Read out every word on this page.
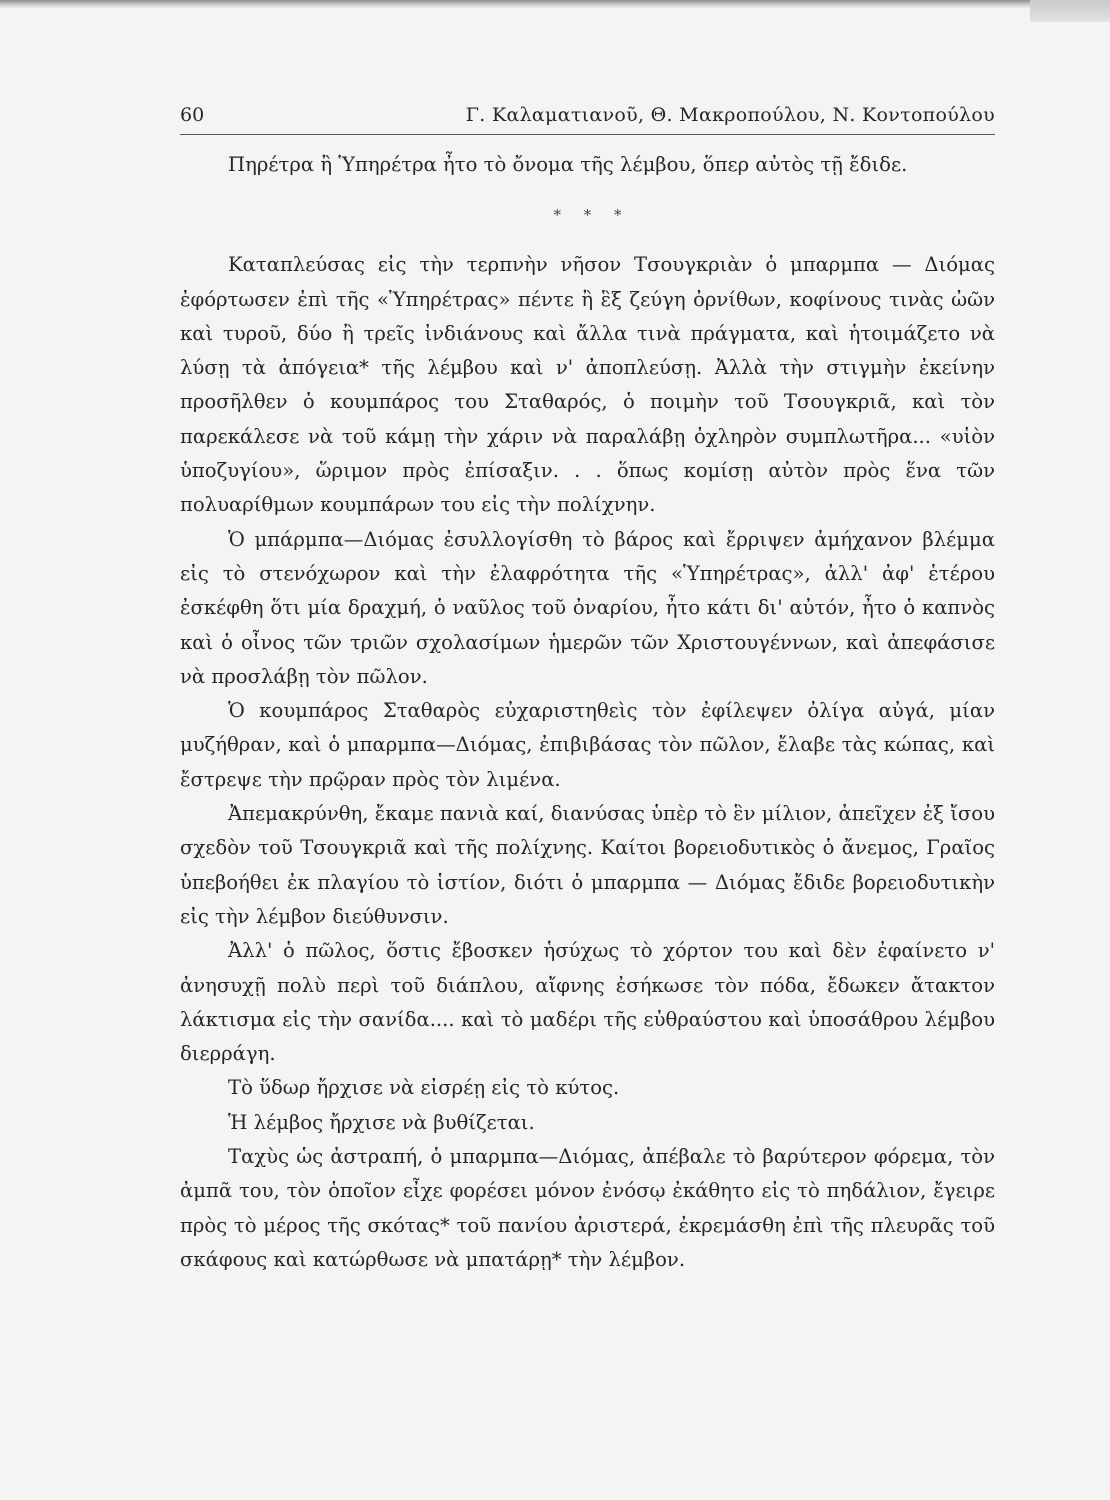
60	Γ. Καλαματιανοῦ, Θ. Μακροπούλου, Ν. Κοντοπούλου

Πηρέτρα ἢ Ὑπηρέτρα ἦτο τὸ ὄνομα τῆς λέμβου, ὅπερ αὐτὸς τῇ ἔδιδε.

* * *

Καταπλεύσας εἰς τὴν τερπνὴν νῆσον Τσουγκριὰν ὁ μπαρμπα — Διόμας ἐφόρτωσεν ἐπὶ τῆς «Ὑπηρέτρας» πέντε ἢ ἓξ ζεύγη ὀρνίθων, κοφίνους τινὰς ὠῶν καὶ τυροῦ, δύο ἢ τρεῖς ἰνδιάνους καὶ ἄλλα τινὰ πράγματα, καὶ ἡτοιμάζετο νὰ λύσῃ τὰ ἀπόγεια* τῆς λέμβου καὶ ν' ἀποπλεύσῃ. Ἀλλὰ τὴν στιγμὴν ἐκείνην προσῆλθεν ὁ κουμπάρος του Σταθαρός, ὁ ποιμὴν τοῦ Τσουγκριᾶ, καὶ τὸν παρεκάλεσε νὰ τοῦ κάμῃ τὴν χάριν νὰ παραλάβῃ ὀχληρὸν συμπλωτῆρα... «υἱὸν ὑποζυγίου», ὥριμον πρὸς ἐπίσαξιν. . . ὅπως κομίσῃ αὐτὸν πρὸς ἕνα τῶν πολυαρίθμων κουμπάρων του εἰς τὴν πολίχνην.

Ὁ μπάρμπα—Διόμας ἐσυλλογίσθη τὸ βάρος καὶ ἔρριψεν ἀμήχανον βλέμμα εἰς τὸ στενόχωρον καὶ τὴν ἐλαφρότητα τῆς «Ὑπηρέτρας», ἀλλ' ἀφ' ἑτέρου ἐσκέφθη ὅτι μία δραχμή, ὁ ναῦλος τοῦ ὀναρίου, ἦτο κάτι δι' αὐτόν, ἦτο ὁ καπνὸς καὶ ὁ οἶνος τῶν τριῶν σχολασίμων ἡμερῶν τῶν Χριστουγέννων, καὶ ἀπεφάσισε νὰ προσλάβῃ τὸν πῶλον.

Ὁ κουμπάρος Σταθαρὸς εὐχαριστηθεὶς τὸν ἐφίλεψεν ὀλίγα αὐγά, μίαν μυζήθραν, καὶ ὁ μπαρμπα—Διόμας, ἐπιβιβάσας τὸν πῶλον, ἔλαβε τὰς κώπας, καὶ ἔστρεψε τὴν πρῷραν πρὸς τὸν λιμένα.

Ἀπεμακρύνθη, ἔκαμε πανιὰ καί, διανύσας ὑπὲρ τὸ ἓν μίλιον, ἀπεῖχεν ἐξ ἴσου σχεδὸν τοῦ Τσουγκριᾶ καὶ τῆς πολίχνης. Καίτοι βορειοδυτικὸς ὁ ἄνεμος, Γραῖος ὑπεβοήθει ἐκ πλαγίου τὸ ἱστίον, διότι ὁ μπαρμπα — Διόμας ἔδιδε βορειοδυτικὴν εἰς τὴν λέμβον διεύθυνσιν.

Ἀλλ' ὁ πῶλος, ὅστις ἔβοσκεν ἡσύχως τὸ χόρτον του καὶ δὲν ἐφαίνετο ν' ἀνησυχῇ πολὺ περὶ τοῦ διάπλου, αἴφνης ἐσήκωσε τὸν πόδα, ἔδωκεν ἄτακτον λάκτισμα εἰς τὴν σανίδα.... καὶ τὸ μαδέρι τῆς εὐθραύστου καὶ ὑποσάθρου λέμβου διερράγη.

Τὸ ὕδωρ ἤρχισε νὰ εἰσρέῃ εἰς τὸ κύτος.

Ἡ λέμβος ἤρχισε νὰ βυθίζεται.

Ταχὺς ὡς ἀστραπή, ὁ μπαρμπα—Διόμας, ἀπέβαλε τὸ βαρύτερον φόρεμα, τὸν ἀμπᾶ του, τὸν ὁποῖον εἶχε φορέσει μόνον ἐνόσῳ ἐκάθητο εἰς τὸ πηδάλιον, ἔγειρε πρὸς τὸ μέρος τῆς σκότας* τοῦ πανίου ἀριστερά, ἐκρεμάσθη ἐπὶ τῆς πλευρᾶς τοῦ σκάφους καὶ κατώρθωσε νὰ μπατάρῃ* τὴν λέμβον.
